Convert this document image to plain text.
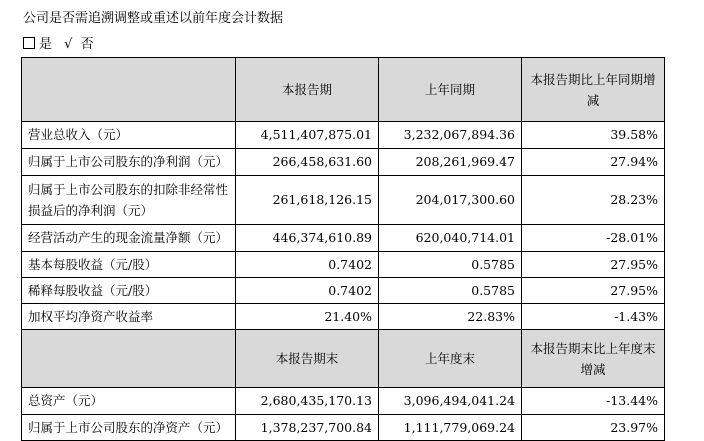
公司是否需追溯调整或重述以前年度会计数据
是 √ 否
	本报告期	上年同期	本报告期比上年同期增减
营业总收入（元）	4,511,407,875.01	3,232,067,894.36	39.58%
归属于上市公司股东的净利润（元）	266,458,631.60	208,261,969.47	27.94%
归属于上市公司股东的扣除非经常性损益后的净利润（元）	261,618,126.15	204,017,300.60	28.23%
经营活动产生的现金流量净额（元）	446,374,610.89	620,040,714.01	-28.01%
基本每股收益（元/股）	0.7402	0.5785	27.95%
稀释每股收益（元/股）	0.7402	0.5785	27.95%
加权平均净资产收益率	21.40%	22.83%	-1.43%
	本报告期末	上年度末	本报告期末比上年度末增减
总资产（元）	2,680,435,170.13	3,096,494,041.24	-13.44%
归属于上市公司股东的净资产（元）	1,378,237,700.84	1,111,779,069.24	23.97%
